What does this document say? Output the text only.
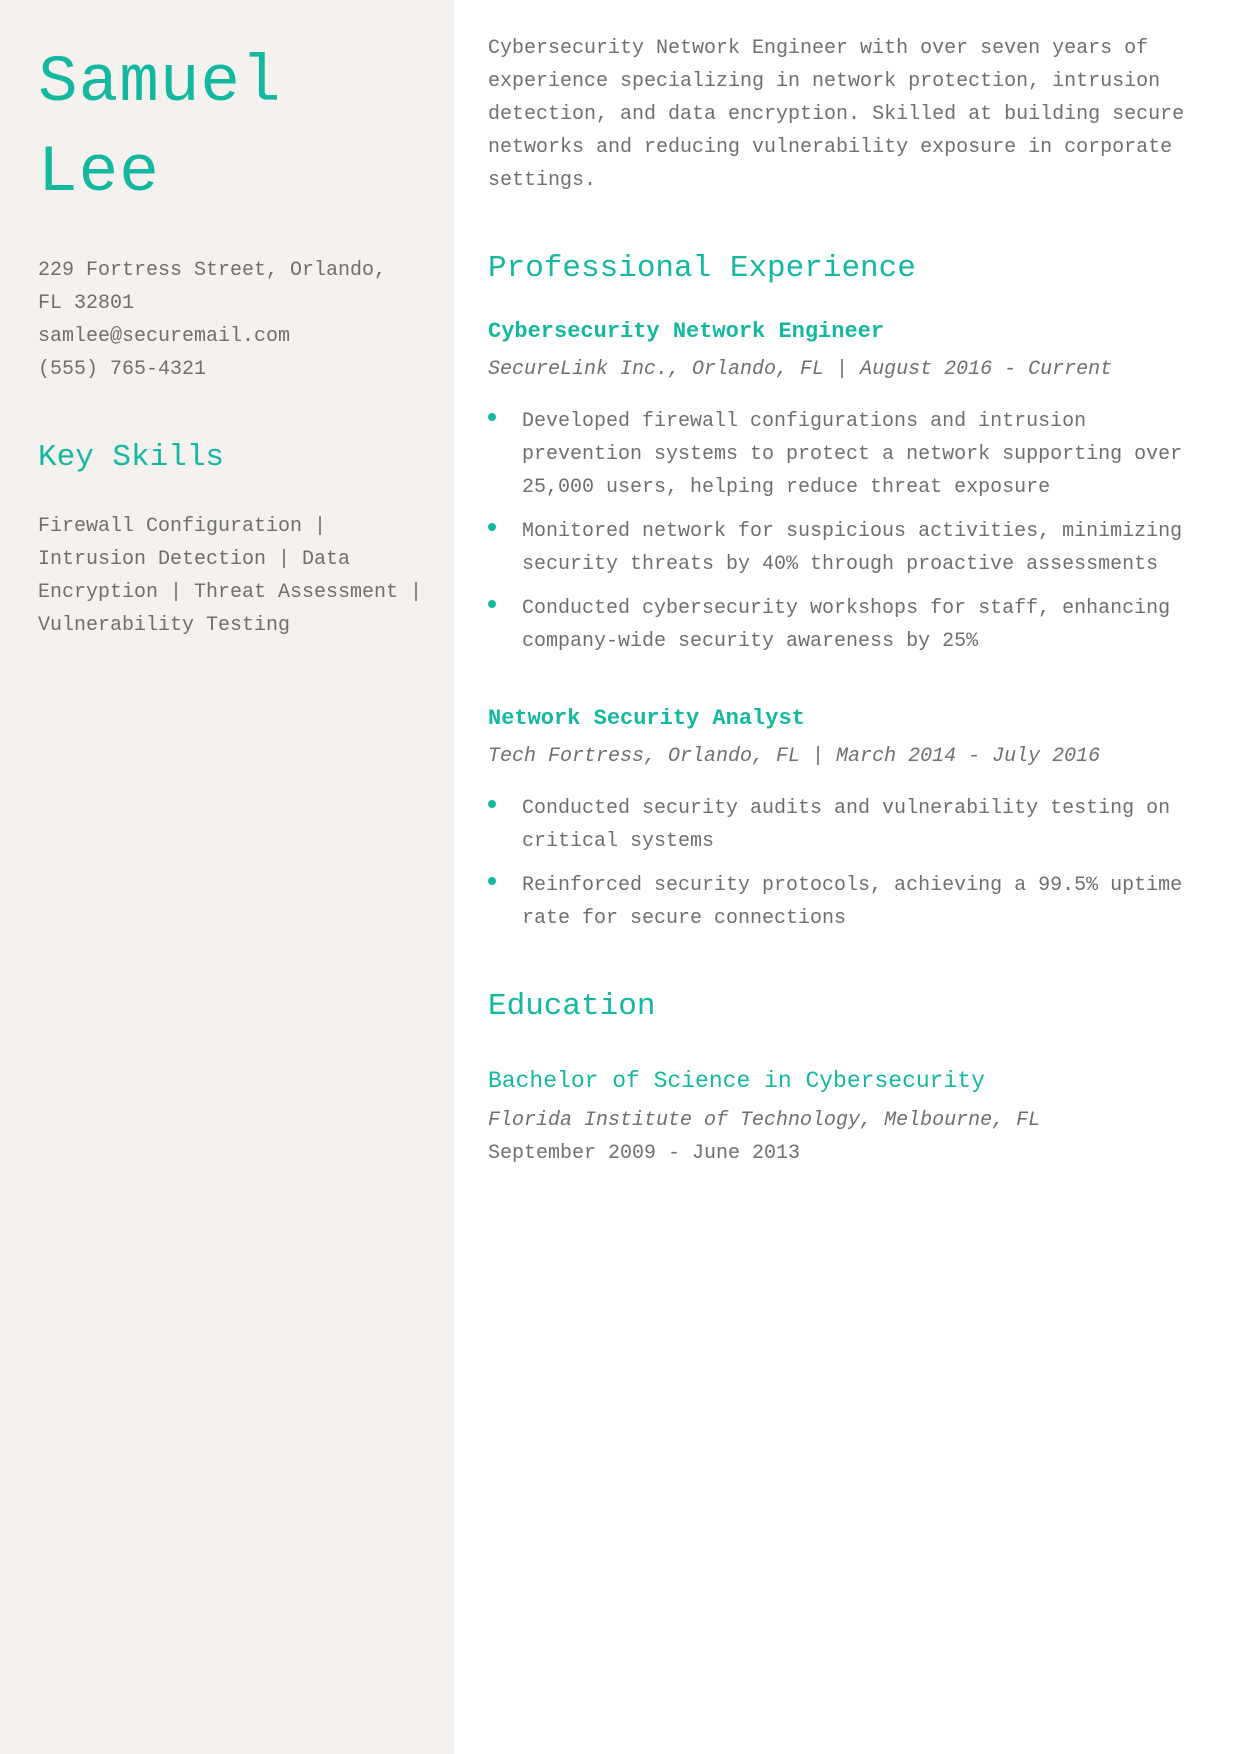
Samuel
Lee
229 Fortress Street, Orlando,
FL 32801
samlee@securemail.com
(555) 765-4321
Key Skills
Firewall Configuration | Intrusion Detection | Data Encryption | Threat Assessment | Vulnerability Testing

Cybersecurity Network Engineer with over seven years of experience specializing in network protection, intrusion detection, and data encryption. Skilled at building secure networks and reducing vulnerability exposure in corporate settings.

Professional Experience
Cybersecurity Network Engineer
SecureLink Inc., Orlando, FL | August 2016 - Current
Developed firewall configurations and intrusion prevention systems to protect a network supporting over 25,000 users, helping reduce threat exposure
Monitored network for suspicious activities, minimizing security threats by 40% through proactive assessments
Conducted cybersecurity workshops for staff, enhancing company-wide security awareness by 25%
Network Security Analyst
Tech Fortress, Orlando, FL | March 2014 - July 2016
Conducted security audits and vulnerability testing on critical systems
Reinforced security protocols, achieving a 99.5% uptime rate for secure connections
Education
Bachelor of Science in Cybersecurity
Florida Institute of Technology, Melbourne, FL
September 2009 - June 2013
